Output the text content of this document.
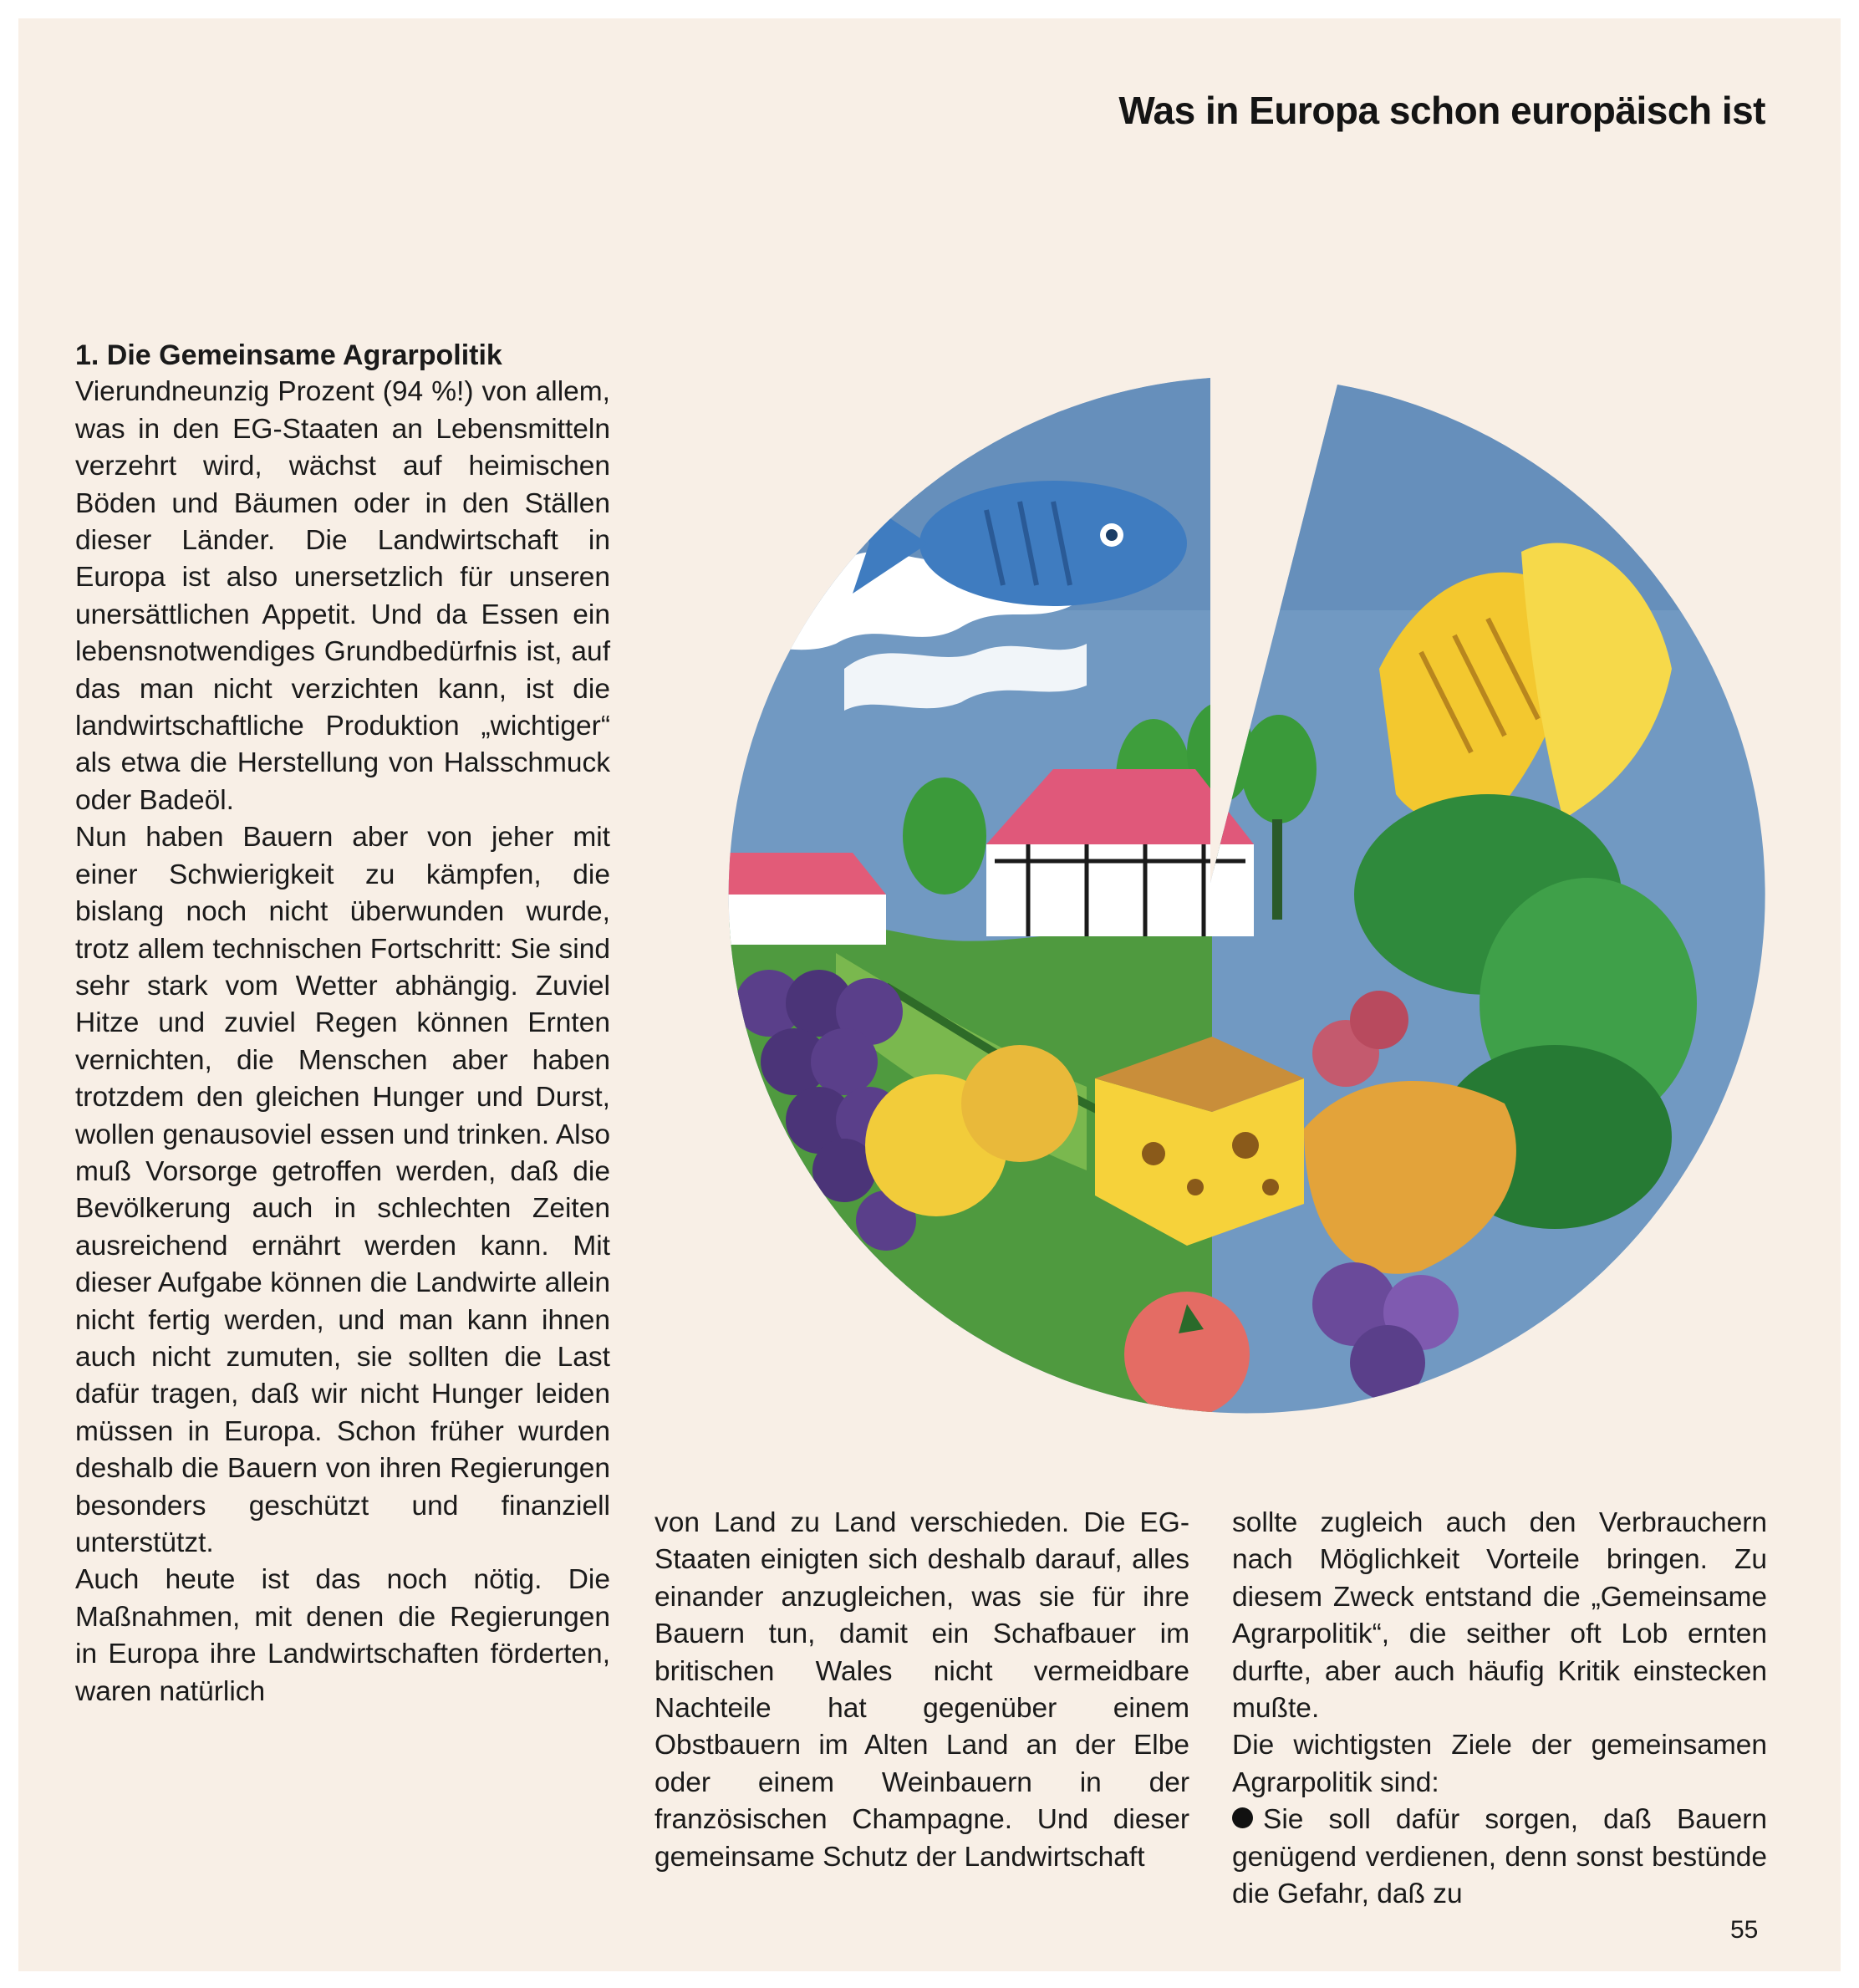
Was in Europa schon europäisch ist

1. Die Gemeinsame Agrarpolitik

Vierundneunzig Prozent (94 %!) von allem, was in den EG-Staaten an Lebensmitteln verzehrt wird, wächst auf heimischen Böden und Bäumen oder in den Ställen dieser Länder. Die Landwirtschaft in Europa ist also unersetzlich für unseren unersättlichen Appetit. Und da Essen ein lebensnotwendiges Grundbedürfnis ist, auf das man nicht verzichten kann, ist die landwirtschaftliche Produktion „wichtiger“ als etwa die Herstellung von Halsschmuck oder Badeöl.

Nun haben Bauern aber von jeher mit einer Schwierigkeit zu kämpfen, die bislang noch nicht überwunden wurde, trotz allem technischen Fortschritt: Sie sind sehr stark vom Wetter abhängig. Zuviel Hitze und zuviel Regen können Ernten vernichten, die Menschen aber haben trotzdem den gleichen Hunger und Durst, wollen genausoviel essen und trinken. Also muß Vorsorge getroffen werden, daß die Bevölkerung auch in schlechten Zeiten ausreichend ernährt werden kann. Mit dieser Aufgabe können die Landwirte allein nicht fertig werden, und man kann ihnen auch nicht zumuten, sie sollten die Last dafür tragen, daß wir nicht Hunger leiden müssen in Europa. Schon früher wurden deshalb die Bauern von ihren Regierungen besonders geschützt und finanziell unterstützt.

Auch heute ist das noch nötig. Die Maßnahmen, mit denen die Regierungen in Europa ihre Landwirtschaften förderten, waren natürlich

von Land zu Land verschieden. Die EG-Staaten einigten sich deshalb darauf, alles einander anzugleichen, was sie für ihre Bauern tun, damit ein Schafbauer im britischen Wales nicht vermeidbare Nachteile hat gegenüber einem Obstbauern im Alten Land an der Elbe oder einem Weinbauern in der französischen Champagne. Und dieser gemeinsame Schutz der Landwirtschaft

sollte zugleich auch den Verbrauchern nach Möglichkeit Vorteile bringen. Zu diesem Zweck entstand die „Gemeinsame Agrarpolitik“, die seither oft Lob ernten durfte, aber auch häufig Kritik einstecken mußte.

Die wichtigsten Ziele der gemeinsamen Agrarpolitik sind:

Sie soll dafür sorgen, daß Bauern genügend verdienen, denn sonst bestünde die Gefahr, daß zu

55
